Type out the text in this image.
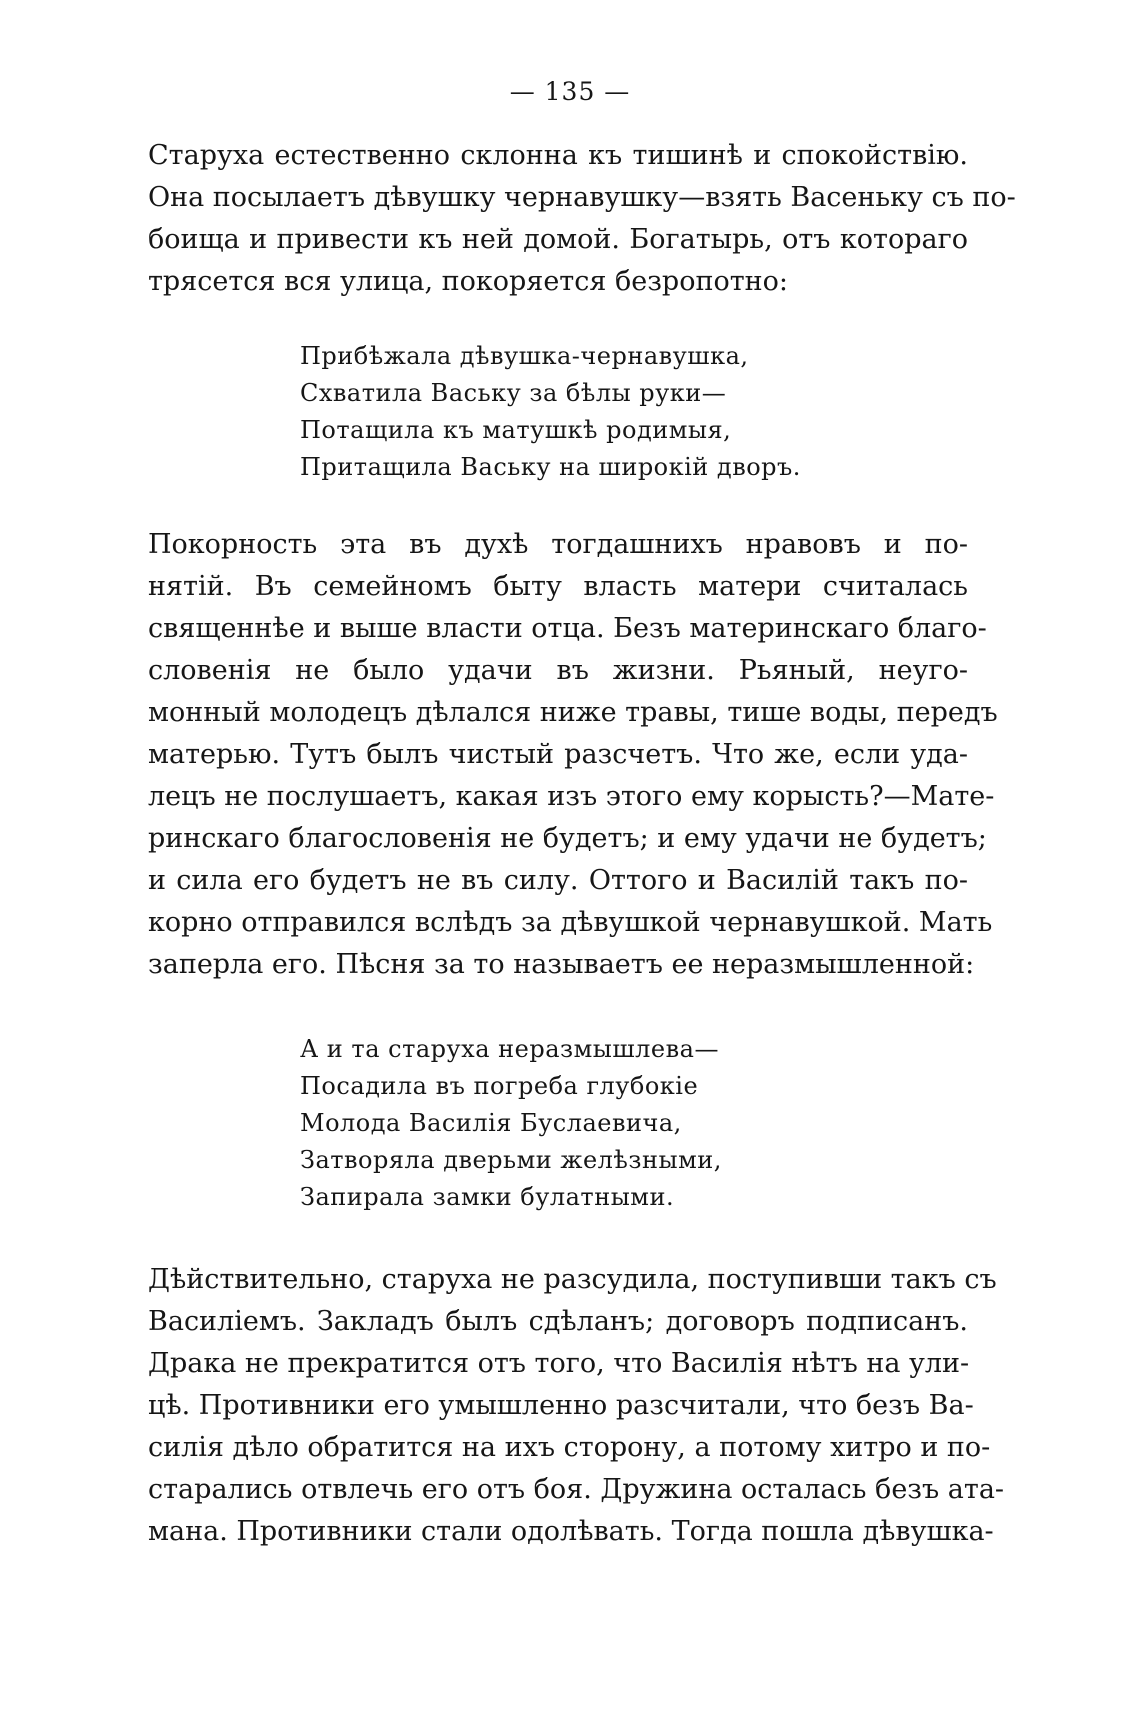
— 135 —
Старуха естественно склонна къ тишинѣ и спокойствію.
Она посылаетъ дѣвушку чернавушку—взять Васеньку съ по-
боища и привести къ ней домой. Богатырь, отъ котораго
трясется вся улица, покоряется безропотно:
Прибѣжала дѣвушка-чернавушка,
Схватила Ваську за бѣлы руки—
Потащила къ матушкѣ родимыя,
Притащила Ваську на широкій дворъ.
Покорность эта въ духѣ тогдашнихъ нравовъ и по-
нятій. Въ семейномъ быту власть матери считалась
священнѣе и выше власти отца. Безъ материнскаго благо-
словенія не было удачи въ жизни. Рьяный, неуго-
монный молодецъ дѣлался ниже травы, тише воды, передъ
матерью. Тутъ былъ чистый разсчетъ. Что же, если уда-
лецъ не послушаетъ, какая изъ этого ему корысть?—Мате-
ринскаго благословенія не будетъ; и ему удачи не будетъ;
и сила его будетъ не въ силу. Оттого и Василій такъ по-
корно отправился вслѣдъ за дѣвушкой чернавушкой. Мать
заперла его. Пѣсня за то называетъ ее неразмышленной:
А и та старуха неразмышлева—
Посадила въ погреба глубокіе
Молода Василія Буслаевича,
Затворяла дверьми желѣзными,
Запирала замки булатными.
Дѣйствительно, старуха не разсудила, поступивши такъ съ
Василіемъ. Закладъ былъ сдѣланъ; договоръ подписанъ.
Драка не прекратится отъ того, что Василія нѣтъ на ули-
цѣ. Противники его умышленно разсчитали, что безъ Ва-
силія дѣло обратится на ихъ сторону, а потому хитро и по-
старались отвлечь его отъ боя. Дружина осталась безъ ата-
мана. Противники стали одолѣвать. Тогда пошла дѣвушка-
